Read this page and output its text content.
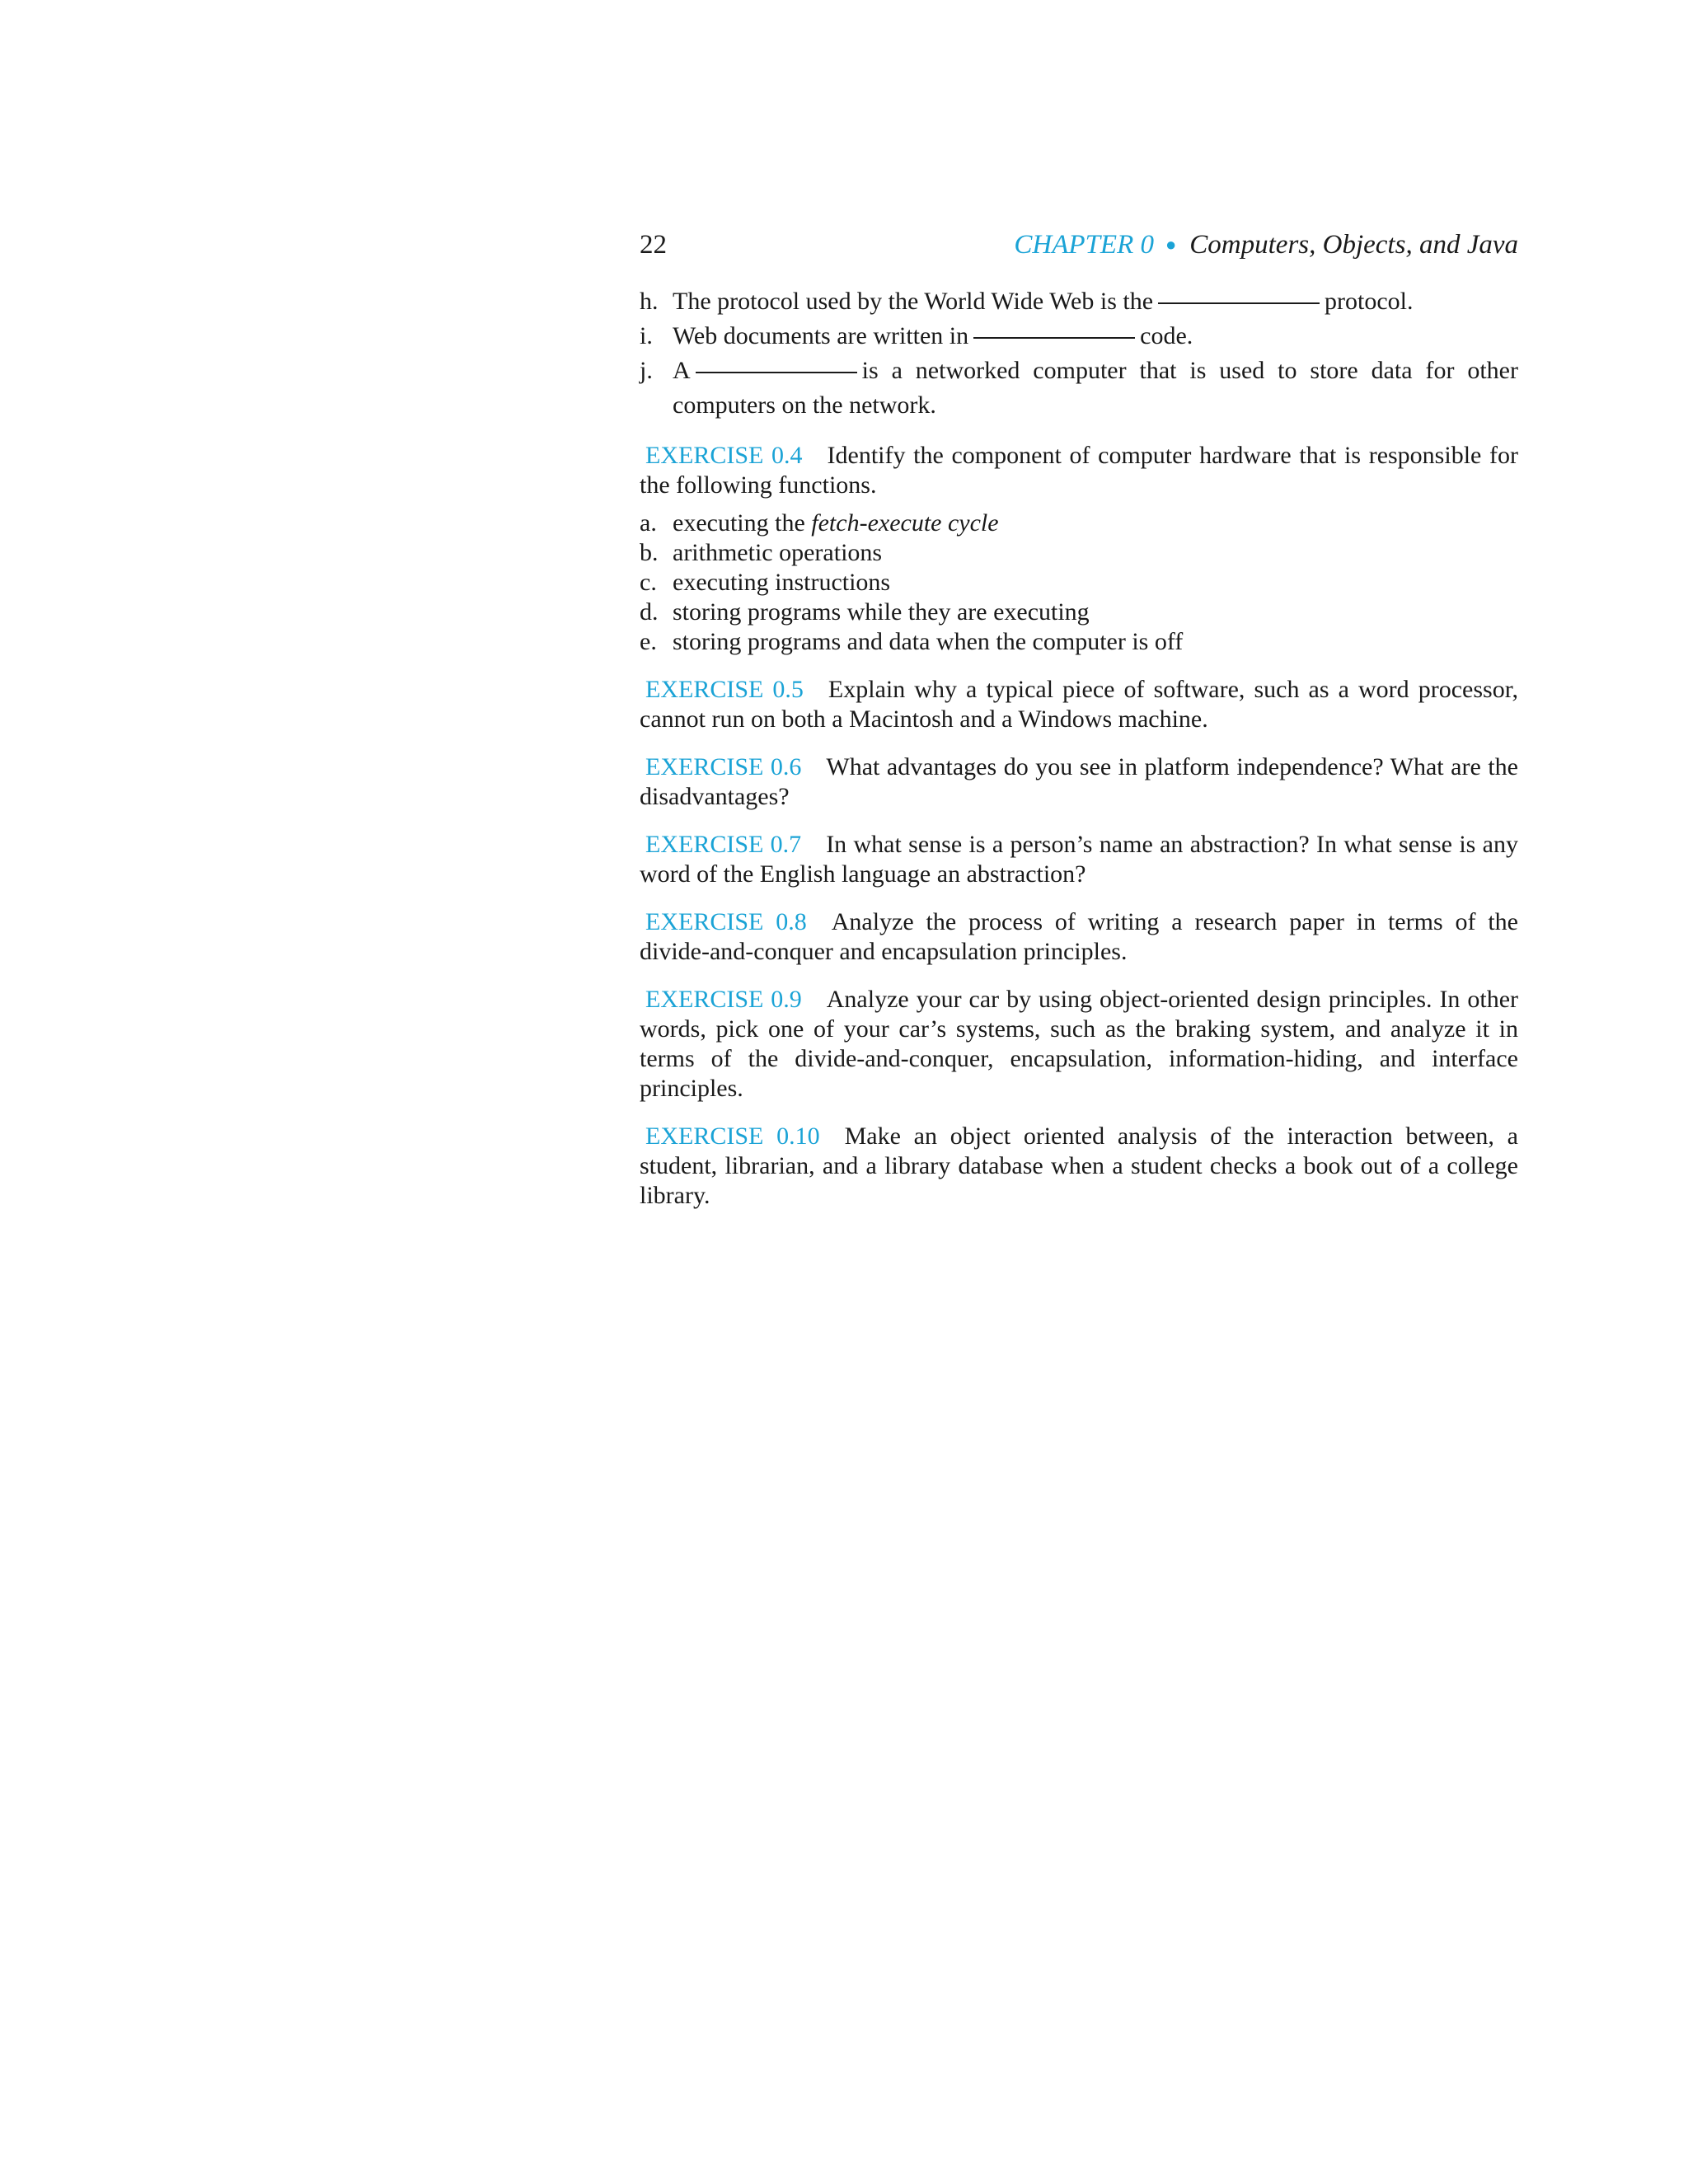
22	CHAPTER 0 ● Computers, Objects, and Java
h. The protocol used by the World Wide Web is the	protocol.
i. Web documents are written in	code.
j. A	is a networked computer that is used to store data for other computers on the network.

EXERCISE 0.4 Identify the component of computer hardware that is responsible for the following functions.

a. executing the fetch-execute cycle
b. arithmetic operations
c. executing instructions
d. storing programs while they are executing
e. storing programs and data when the computer is off

EXERCISE 0.5 Explain why a typical piece of software, such as a word processor, cannot run on both a Macintosh and a Windows machine.

EXERCISE 0.6 What advantages do you see in platform independence? What are the disadvantages?

EXERCISE 0.7 In what sense is a person’s name an abstraction? In what sense is any word of the English language an abstraction?

EXERCISE 0.8 Analyze the process of writing a research paper in terms of the divide-and-conquer and encapsulation principles.

EXERCISE 0.9 Analyze your car by using object-oriented design principles. In other words, pick one of your car’s systems, such as the braking system, and analyze it in terms of the divide-and-conquer, encapsulation, information-hiding, and interface principles.

EXERCISE 0.10 Make an object oriented analysis of the interaction between, a student, librarian, and a library database when a student checks a book out of a college library.
